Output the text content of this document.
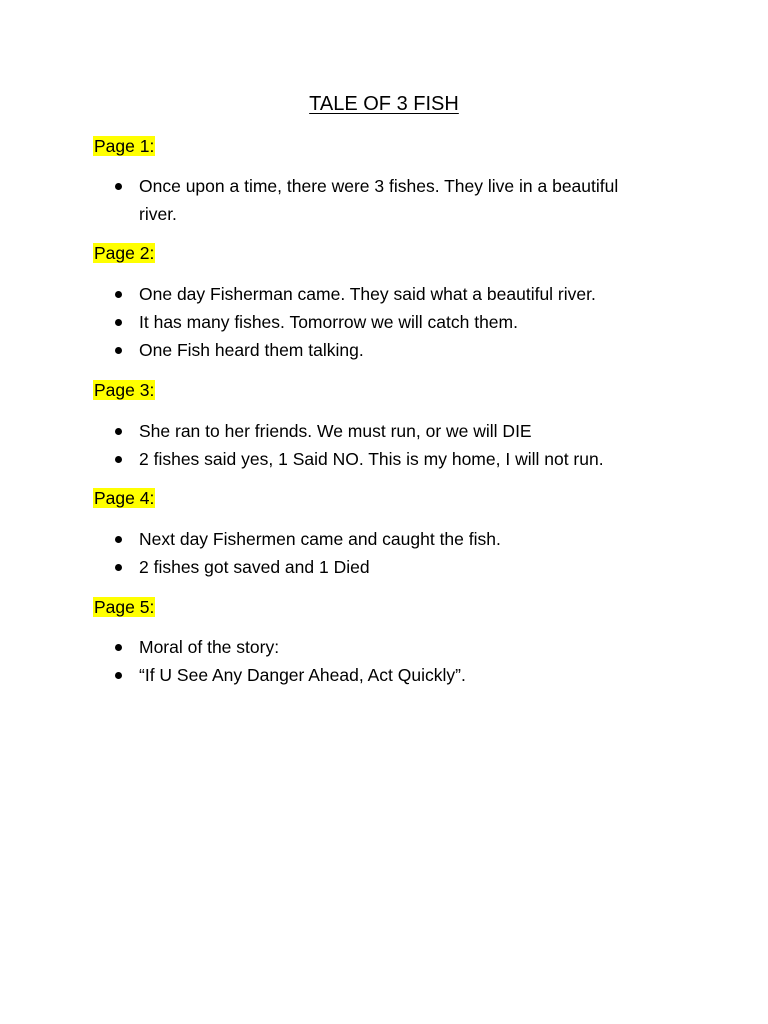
TALE OF 3 FISH
Page 1:
Once upon a time, there were 3 fishes. They live in a beautiful
river.
Page 2:
One day Fisherman came. They said what a beautiful river.
It has many fishes. Tomorrow we will catch them.
One Fish heard them talking.
Page 3:
She ran to her friends. We must run, or we will DIE
2 fishes said yes, 1 Said NO. This is my home, I will not run.
Page 4:
Next day Fishermen came and caught the fish.
2 fishes got saved and 1 Died
Page 5:
Moral of the story:
“If U See Any Danger Ahead, Act Quickly”.
